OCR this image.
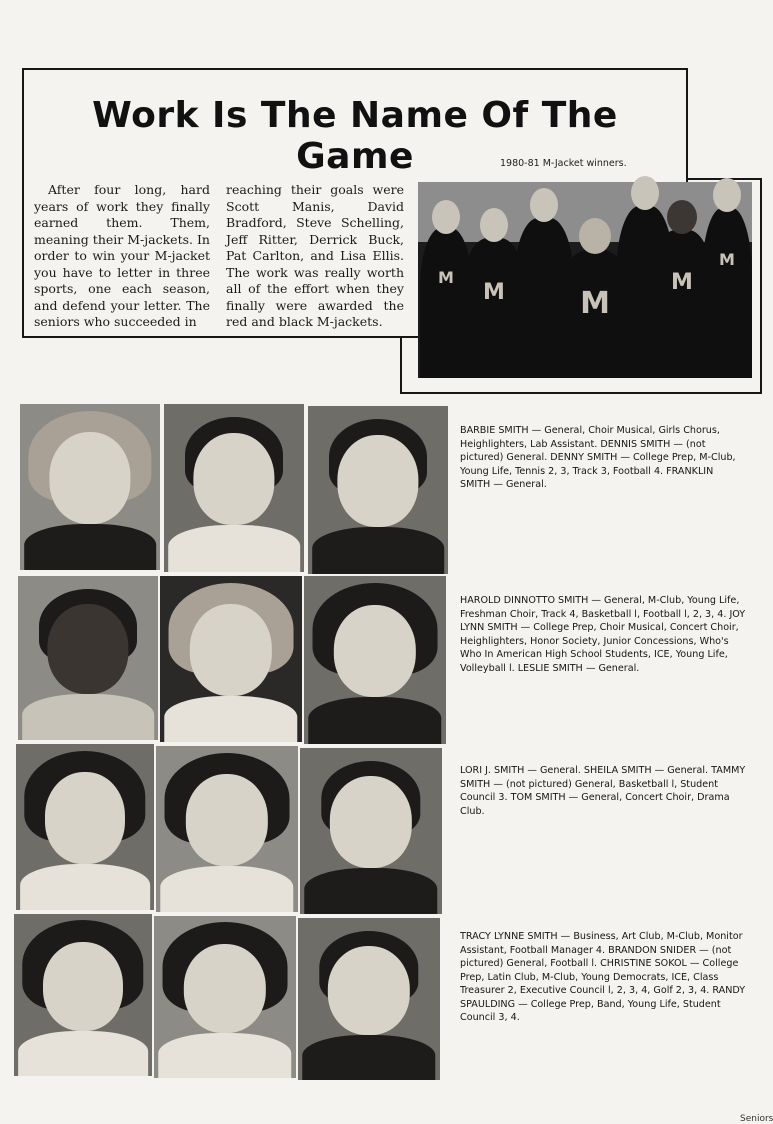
Work Is The Name Of The Game	1980-81 M-Jacket winners.
After four long, hard years of work they finally earned them. Them, meaning their M-jackets. In order to win your M-jacket you have to letter in three sports, one each season, and defend your letter. The seniors who succeeded in
reaching their goals were Scott Manis, David Bradford, Steve Schelling, Jeff Ritter, Derrick Buck, Pat Carlton, and Lisa Ellis. The work was really worth all of the effort when they finally were awarded the red and black M-jackets.
M
M	M
M
M
BARBIE SMITH — General, Choir Musical, Girls Chorus, Heighlighters, Lab Assistant. DENNIS SMITH — (not pictured) General. DENNY SMITH — College Prep, M-Club, Young Life, Tennis 2, 3, Track 3, Football 4. FRANKLIN SMITH — General.
HAROLD DINNOTTO SMITH — General, M-Club, Young Life, Freshman Choir, Track 4, Basketball l, Football l, 2, 3, 4. JOY LYNN SMITH — College Prep, Choir Musical, Concert Choir, Heighlighters, Honor Society, Junior Concessions, Who's Who In American High School Students, ICE, Young Life, Volleyball l. LESLIE SMITH — General.
LORI J. SMITH — General. SHEILA SMITH — General. TAMMY SMITH — (not pictured) General, Basketball l, Student Council 3. TOM SMITH — General, Concert Choir, Drama Club.
TRACY LYNNE SMITH — Business, Art Club, M-Club, Monitor Assistant, Football Manager 4. BRANDON SNIDER — (not pictured) General, Football l. CHRISTINE SOKOL — College Prep, Latin Club, M-Club, Young Democrats, ICE, Class Treasurer 2, Executive Council l, 2, 3, 4, Golf 2, 3, 4. RANDY SPAULDING — College Prep, Band, Young Life, Student Council 3, 4.
Seniors
